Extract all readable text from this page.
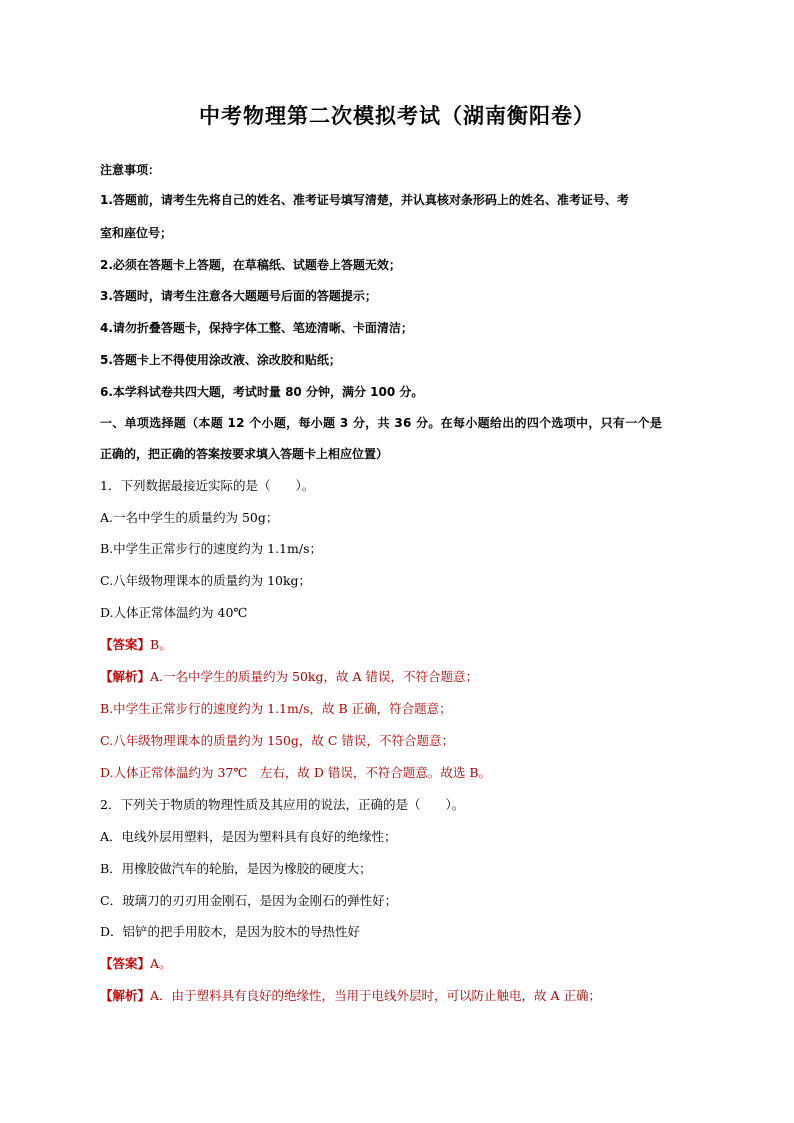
中考物理第二次模拟考试（湖南衡阳卷）
注意事项：
1.答题前，请考生先将自己的姓名、准考证号填写清楚，并认真核对条形码上的姓名、准考证号、考
室和座位号；
2.必须在答题卡上答题，在草稿纸、试题卷上答题无效；
3.答题时，请考生注意各大题题号后面的答题提示；
4.请勿折叠答题卡，保持字体工整、笔迹清晰、卡面清洁；
5.答题卡上不得使用涂改液、涂改胶和贴纸；
6.本学科试卷共四大题，考试时量 80 分钟，满分 100 分。
一、单项选择题（本题 12 个小题，每小题 3 分，共 36 分。在每小题给出的四个选项中，只有一个是
正确的，把正确的答案按要求填入答题卡上相应位置）
1．下列数据最接近实际的是（　　）。
A.一名中学生的质量约为 50g；
B.中学生正常步行的速度约为 1.1m/s；
C.八年级物理课本的质量约为 10kg；
D.人体正常体温约为 40℃
【答案】B。
【解析】A.一名中学生的质量约为 50kg，故 A 错误，不符合题意；
B.中学生正常步行的速度约为 1.1m/s，故 B 正确，符合题意；
C.八年级物理课本的质量约为 150g，故 C 错误，不符合题意；
D.人体正常体温约为 37℃　左右，故 D 错误，不符合题意。故选 B。
2．下列关于物质的物理性质及其应用的说法，正确的是（　　）。
A．电线外层用塑料，是因为塑料具有良好的绝缘性；
B．用橡胶做汽车的轮胎，是因为橡胶的硬度大；
C．玻璃刀的刃刃用金刚石，是因为金刚石的弹性好；
D．铝铲的把手用胶木，是因为胶木的导热性好
【答案】A。
【解析】A．由于塑料具有良好的绝缘性，当用于电线外层时，可以防止触电，故 A 正确；
